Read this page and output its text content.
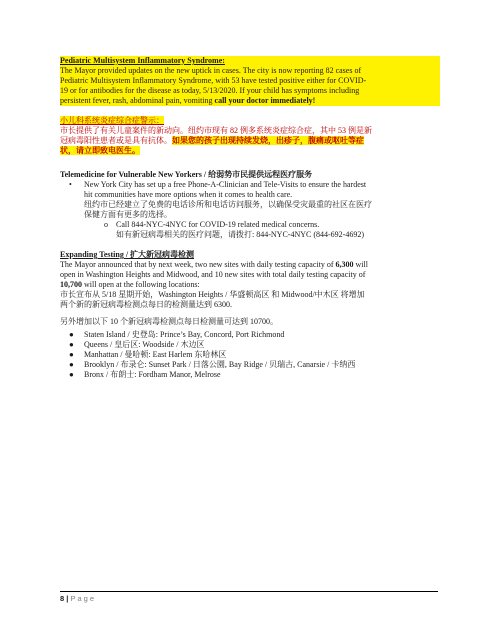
Pediatric Multisystem Inflammatory Syndrome:
The Mayor provided updates on the new uptick in cases. The city is now reporting 82 cases of
Pediatric Multisystem Inflammatory Syndrome, with 53 have tested positive either for COVID-
19 or for antibodies for the disease as today, 5/13/2020. If your child has symptoms including
persistent fever, rash, abdominal pain, vomiting call your doctor immediately!
小儿科系统炎症综合症警示：
市长提供了有关儿童案件的新动向。纽约市现有 82 例多系统炎症综合症，其中 53 例是新
冠病毒阳性患者或是具有抗体。如果您的孩子出现持续发烧，出疹子，腹痛或呕吐等症
状，请立即致电医生。
Telemedicine for Vulnerable New Yorkers / 给弱势市民提供远程医疗服务
• New York City has set up a free Phone-A-Clinician and Tele-Visits to ensure the hardest
hit communities have more options when it comes to health care.
纽约市已经建立了免费的电话诊所和电话访问服务，以确保受灾最重的社区在医疗
保健方面有更多的选择。
o Call 844-NYC-4NYC for COVID-19 related medical concerns.
如有新冠病毒相关的医疗问题，请拨打: 844-NYC-4NYC (844-692-4692)
Expanding Testing / 扩大新冠病毒检测
The Mayor announced that by next week, two new sites with daily testing capacity of 6,300 will
open in Washington Heights and Midwood, and 10 new sites with total daily testing capacity of
10,700 will open at the following locations:
市长宣布从 5/18 星期开始，Washington Heights / 华盛顿高区 和 Midwood/中木区 将增加
两个新的新冠病毒检测点每日的检测量达到 6300.
另外增加以下 10 个新冠病毒检测点每日检测量可达到 10700。
● Staten Island / 史登岛: Prince’s Bay, Concord, Port Richmond
● Queens / 皇后区: Woodside / 木边区
● Manhattan / 曼哈顿: East Harlem 东哈林区
● Brooklyn / 布录仑: Sunset Park / 日落公園, Bay Ridge / 贝瑞古, Canarsie / 卡纳西
● Bronx / 布朗士: Fordham Manor, Melrose
8 | Page
